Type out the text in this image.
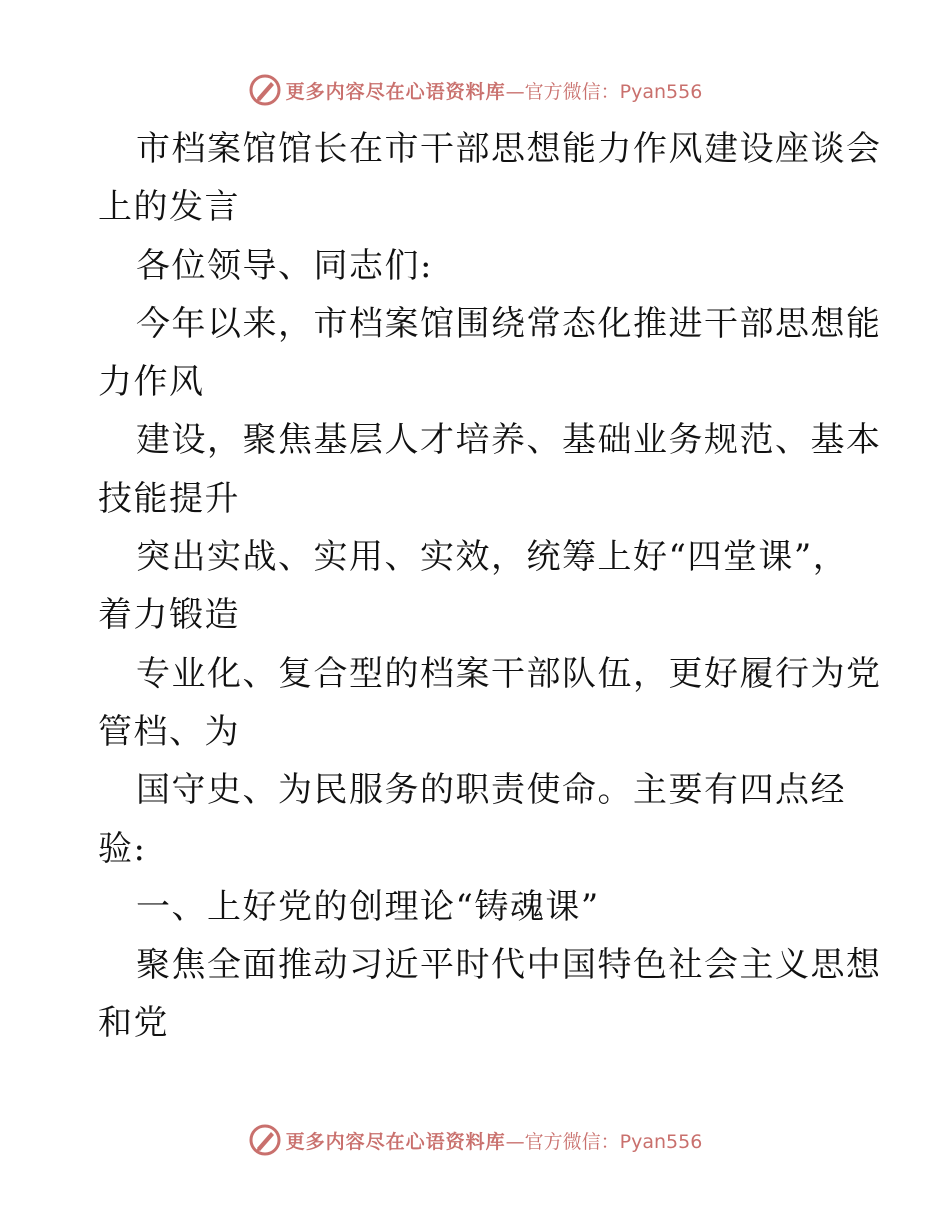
更多内容尽在心语资料库 —官方微信：Pyan556
市档案馆馆长在市干部思想能力作风建设座谈会
上的发言
各位领导、同志们:
今年以来，市档案馆围绕常态化推进干部思想能
力作风
建设，聚焦基层人才培养、基础业务规范、基本
技能提升
突出实战、实用、实效，统筹上好“四堂课”，
着力锻造
专业化、复合型的档案干部队伍，更好履行为党
管档、为
国守史、为民服务的职责使命。主要有四点经
验:
一、上好党的创理论“铸魂课”
聚焦全面推动习近平时代中国特色社会主义思想
和党
更多内容尽在心语资料库 —官方微信：Pyan556
